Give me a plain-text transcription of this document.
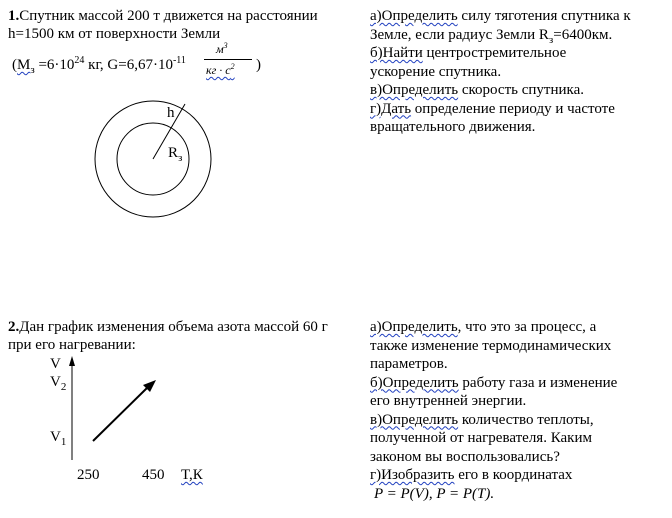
1.Спутник массой 200 т движется на расстоянии
h=1500 км от поверхности Земли
($M_з =6\cdot 10^{24}$ кг, $G=6,67\cdot 10^{-11}$
$м^3$
кг · $с^2$ )
h
$R_з$
а)Определить силу тяготения спутника к
Земле, если радиус Земли $R_з=6400км$.
б)Найти центростремительное
ускорение спутника.
в)Определить скорость спутника.
г)Дать определение периоду и частоте
вращательного движения.
2.Дан график изменения объема азота массой 60 г
при его нагревании:
V
$V_2$
$V_1$
250	450 T,К
а)Определить, что это за процесс, а
также изменение термодинамических
параметров.
б)Определить работу газа и изменение
его внутренней энергии.
в)Определить количество теплоты,
полученной от нагревателя. Каким
законом вы воспользовались?
г)Изобразить его в координатах
P = P(V), P = P(T).
